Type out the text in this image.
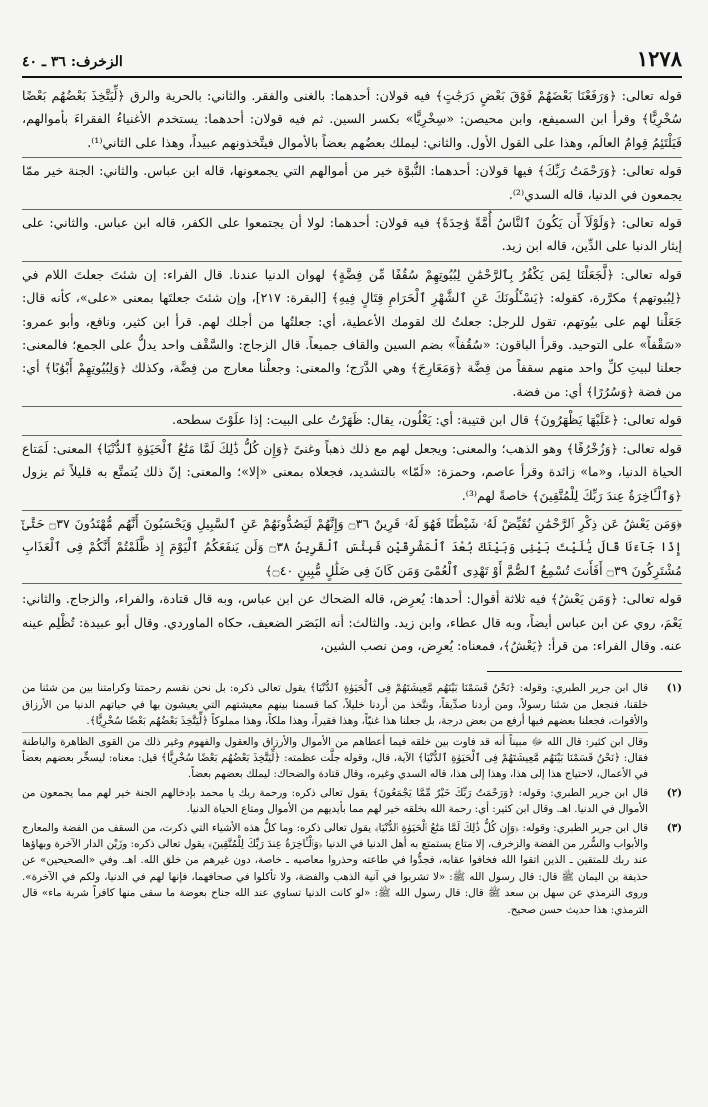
١٢٧٨
الزخرف: ٣٦ ـ ٤٠

قوله تعالى: ﴿وَرَفَعْنَا بَعْضَهُمْ فَوْقَ بَعْضٍ دَرَجَٰتٍ﴾ فيه قولان: أحدهما: بالغنى والفقر. والثاني: بالحرية والرق ﴿لِّيَتَّخِذَ بَعْضُهُم بَعْضًا سُخْرِيًّا﴾ وقرأ ابن السميفع، وابن محيصن: «سِخْرِيًّا» بكسر السين. ثم فيه قولان: أحدهما: يستخدم الأغنياءُ الفقراءَ بأموالهم، فَيَلْتَئِمُ قِوامُ العالَم، وهذا على القول الأول. والثاني: ليملك بعضُهم بعضاً بالأموال فيتَّخذونهم عبيداً، وهذا على الثاني⁽¹⁾.

قوله تعالى: ﴿وَرَحْمَتُ رَبِّكَ﴾ فيها قولان: أحدهما: النُّبوَّة خير من أموالهم التي يجمعونها، قاله ابن عباس. والثاني: الجنة خير ممّا يجمعون في الدنيا، قاله السدي⁽²⁾.

قوله تعالى: ﴿وَلَوْلَآ أَن يَكُونَ ٱلنَّاسُ أُمَّةً وَٰحِدَةً﴾ فيه قولان: أحدهما: لولا أن يجتمعوا على الكفر، قاله ابن عباس. والثاني: على إيثار الدنيا على الدِّين، قاله ابن زيد.

قوله تعالى: ﴿لَّجَعَلْنَا لِمَن يَكْفُرُ بِٱلرَّحْمَٰنِ لِبُيُوتِهِمْ سُقُفًا مِّن فِضَّةٍ﴾ لهوان الدنيا عندنا. قال الفراء: إن شئتَ جعلتَ اللام في ﴿لِبُيوتهم﴾ مكرَّرة، كقوله: ﴿يَسْـَٔلُونَكَ عَنِ ٱلشَّهْرِ ٱلْحَرَامِ قِتَالٍ فِيهِ﴾ [البقرة: ٢١٧]، وإن شئتَ جعلتَها بمعنى «على»، كأنه قال: جَعَلْنا لهم على بيُوتهم، تقول للرجل: جعلتُ لك لقومك الأعطية، أي: جعلتُها من أجلك لهم. قرأ ابن كثير، ونافع، وأبو عمرو: «سَقْفاً» على التوحيد. وقرأ الباقون: «سُقُفاً» بضم السين والقاف جميعاً. قال الزجاج: والسَّقْف واحد يدلُّ على الجمع؛ فالمعنى: جعلنا لبيتِ كلِّ واحد منهم سقفاً من فِضَّة ﴿وَمَعَارِجَ﴾ وهي الدَّرَج؛ والمعنى: وجعلْنا معارج من فِضَّة، وكذلك ﴿وَلِبُيُوتِهِمْ أَبْوَٰبًا﴾ أي: من فضة ﴿وَسُرُرًا﴾ أي: من فضة.

قوله تعالى: ﴿عَلَيْهَا يَظْهَرُونَ﴾ قال ابن قتيبة: أي: يَعْلُون، يقال: ظَهَرْتُ على البيت: إذا علَوْتَ سطحه.

قوله تعالى: ﴿وَزُخْرُفًا﴾ وهو الذهب؛ والمعنى: ويجعل لهم مع ذلك ذهباً وغنىً ﴿وَإِن كُلُّ ذَٰلِكَ لَمَّا مَتَٰعُ ٱلْحَيَوٰةِ ٱلدُّنْيَا﴾ المعنى: لَمَتاع الحياة الدنيا، و«ما» زائدة وقرأ عاصم، وحمزة: «لَمّا» بالتشديد، فجعلاه بمعنى «إلا»؛ والمعنى: إنّ ذلك يُتمتَّع به قليلاً ثم يزول ﴿وَٱلْـَٔاخِرَةُ عِندَ رَبِّكَ لِلْمُتَّقِينَ﴾ خاصةً لهم⁽³⁾.

﴿وَمَن يَعْشُ عَن ذِكْرِ ٱلرَّحْمَٰنِ نُقَيِّضْ لَهُۥ شَيْطَٰنًا فَهُوَ لَهُۥ قَرِينٌ ۝٣٦ وَإِنَّهُمْ لَيَصُدُّونَهُمْ عَنِ ٱلسَّبِيلِ وَيَحْسَبُونَ أَنَّهُم مُّهْتَدُونَ ۝٣٧ حَتَّىٰٓ إِذَا جَآءَنَا قَالَ يَٰلَيْتَ بَيْنِى وَبَيْنَكَ بُعْدَ ٱلْمَشْرِقَيْنِ فَبِئْسَ ٱلْقَرِينُ ۝٣٨ وَلَن يَنفَعَكُمُ ٱلْيَوْمَ إِذ ظَّلَمْتُمْ أَنَّكُمْ فِى ٱلْعَذَابِ مُشْتَرِكُونَ ۝٣٩ أَفَأَنتَ تُسْمِعُ ٱلصُّمَّ أَوْ تَهْدِى ٱلْعُمْىَ وَمَن كَانَ فِى ضَلَٰلٍ مُّبِينٍ ۝٤٠﴾

قوله تعالى: ﴿وَمَن يَعْشُ﴾ فيه ثلاثة أقوال: أحدها: يُعرِض، قاله الضحاك عن ابن عباس، وبه قال قتادة، والفراء، والزجاج. والثاني: يَعْمَ، روي عن ابن عباس أيضاً، وبه قال عطاء، وابن زيد. والثالث: أنه البَصَر الضعيف، حكاه الماوردي. وقال أبو عبيدة: تُظْلِم عينه عنه. وقال الفراء: من قرأ: ﴿يَعْشُ﴾، فمعناه: يُعرِض، ومن نصب الشين،

(١)

قال ابن جرير الطبري: وقوله: ﴿نَحْنُ قَسَمْنَا بَيْنَهُم مَّعِيشَتَهُمْ فِى ٱلْحَيَوٰةِ ٱلدُّنْيَا﴾ يقول تعالى ذكره: بل نحن نقسم رحمتنا وكرامتنا بين من شئنا من خلقنا، فنجعل من شئنا رسولاً، ومن أردنا صدِّيقاً، ونتَّخذ من أردنا خليلاً، كما قسمنا بينهم معيشتهم التي يعيشون بها في حياتهم الدنيا من الأرزاق والأقوات، فجعلنا بعضهم فيها أرفع من بعض درجة، بل جعلنا هذا غنيّاً، وهذا فقيراً، وهذا ملكاً، وهذا مملوكاً ﴿لِّيَتَّخِذَ بَعْضُهُم بَعْضًا سُخْرِيًّا﴾.

وقال ابن كثير: قال الله ﷻ مبيناً أنه قد فاوت بين خلقه فيما أعطاهم من الأموال والأرزاق والعقول والفهوم وغير ذلك من القوى الظاهرة والباطنة فقال: ﴿نَحْنُ قَسَمْنَا بَيْنَهُم مَّعِيشَتَهُمْ فِى ٱلْحَيَوٰةِ ٱلدُّنْيَا﴾ الآية، قال، وقوله جلَّت عظمته: ﴿لِّيَتَّخِذَ بَعْضُهُم بَعْضًا سُخْرِيًّا﴾ قيل: معناه: ليسخِّر بعضهم بعضاً في الأعمال، لاحتياج هذا إلى هذا، وهذا إلى هذا، قاله السدي وغيره، وقال قتادة والضحاك: ليملك بعضهم بعضاً.

(٢)

قال ابن جرير الطبري: وقوله: ﴿وَرَحْمَتُ رَبِّكَ خَيْرٌ مِّمَّا يَجْمَعُونَ﴾ يقول تعالى ذكره: ورحمة ربك يا محمد بإدخالهم الجنة خير لهم مما يجمعون من الأموال في الدنيا. اهـ. وقال ابن كثير: أي: رحمة الله بخلقه خير لهم مما بأيديهم من الأموال ومتاع الحياة الدنيا.

(٣)

قال ابن جرير الطبري: وقوله: ﴿وَإِن كُلُّ ذَٰلِكَ لَمَّا مَتَٰعُ ٱلْحَيَوٰةِ ٱلدُّنْيَا﴾ يقول تعالى ذكره: وما كلُّ هذه الأشياء التي ذكرت، من السقف من الفضة والمعارج والأبواب والسُّرر من الفضة والزخرف، إلا متاع يستمتع به أهل الدنيا في الدنيا ﴿وَٱلْـَٔاخِرَةُ عِندَ رَبِّكَ لِلْمُتَّقِينَ﴾ يقول تعالى ذكره: وزَيْن الدار الآخرة وبهاؤها عند ربك للمتقين ـ الذين اتقوا الله فخافوا عقابه، فجدُّوا في طاعته وحذروا معاصيه ـ خاصة، دون غيرهم من خلق الله. اهـ. وفي «الصحيحين» عن حذيفة بن اليمان ﷺ قال: قال رسول الله ﷺ: «لا تشربوا في آنية الذهب والفضة، ولا تأكلوا في صحافهما، فإنها لهم في الدنيا، ولكم في الآخرة». وروى الترمذي عن سهل بن سعد ﷺ قال: قال رسول الله ﷺ: «لو كانت الدنيا تساوي عند الله جناح بعوضة ما سقى منها كافراً شربة ماء» قال الترمذي: هذا حديث حسن صحيح.
